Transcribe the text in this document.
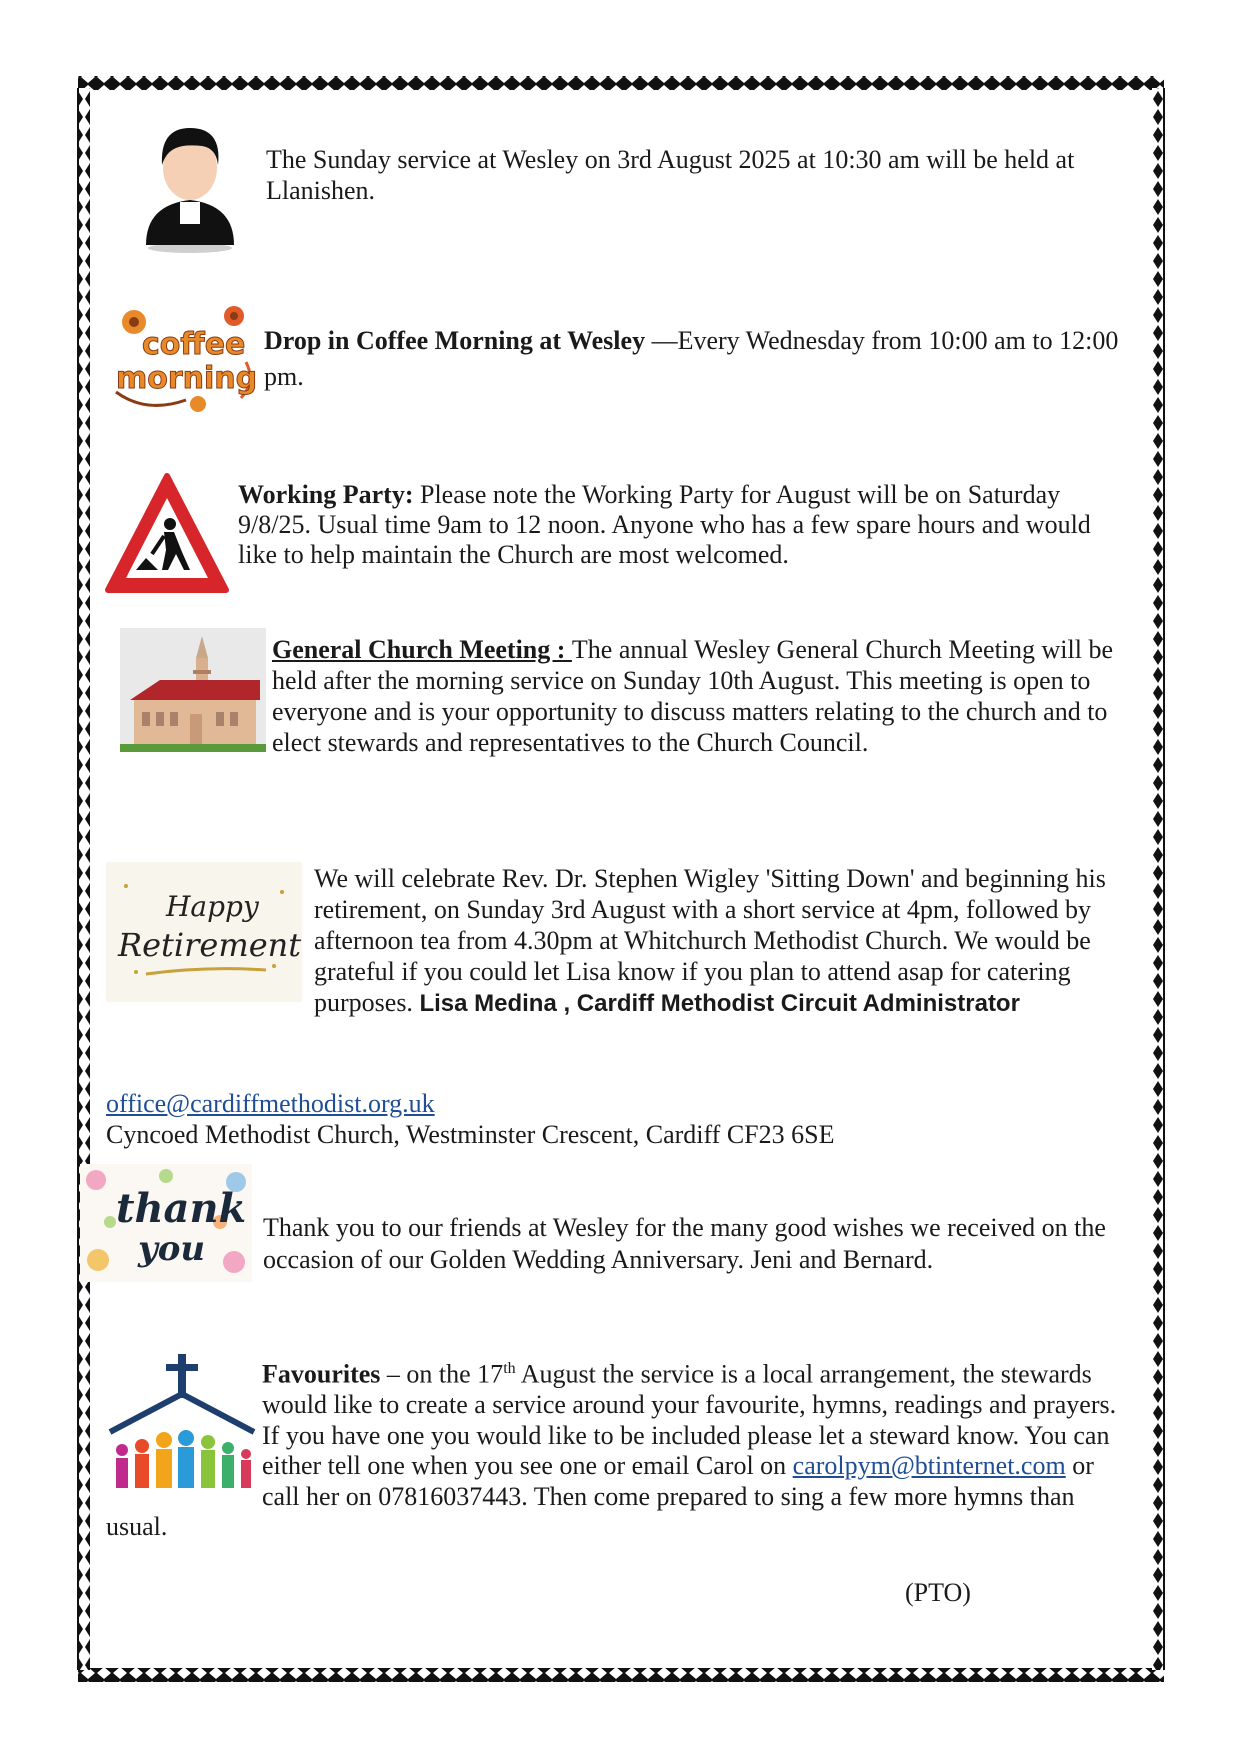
The Sunday service at Wesley on 3rd August 2025 at 10:30 am will be held at Llanishen.
coffee
morning
Drop in Coffee Morning at Wesley —Every Wednesday from 10:00 am to 12:00 pm.
Working Party: Please note the Working Party for August will be on Saturday 9/8/25. Usual time 9am to 12 noon. Anyone who has a few spare hours and would like to help maintain the Church are most welcomed.
General Church Meeting : The annual Wesley General Church Meeting will be held after the morning service on Sunday 10th August. This meeting is open to everyone and is your opportunity to discuss matters relating to the church and to elect stewards and representatives to the Church Council.
Happy
Retirement
We will celebrate Rev. Dr. Stephen Wigley 'Sitting Down' and beginning his retirement, on Sunday 3rd August with a short service at 4pm, followed by afternoon tea from 4.30pm at Whitchurch Methodist Church. We would be grateful if you could let Lisa know if you plan to attend asap for catering purposes. Lisa Medina , Cardiff Methodist Circuit Administrator
office@cardiffmethodist.org.uk
Cyncoed Methodist Church, Westminster Crescent, Cardiff CF23 6SE
thank
you
Thank you to our friends at Wesley for the many good wishes we received on the occasion of our Golden Wedding Anniversary. Jeni and Bernard.
Favourites – on the 17th August the service is a local arrangement, the stewards would like to create a service around your favourite, hymns, readings and prayers. If you have one you would like to be included please let a steward know. You can either tell one when you see one or email Carol on carolpym@btinternet.com or call her on 07816037443. Then come prepared to sing a few more hymns than usual.
(PTO)
